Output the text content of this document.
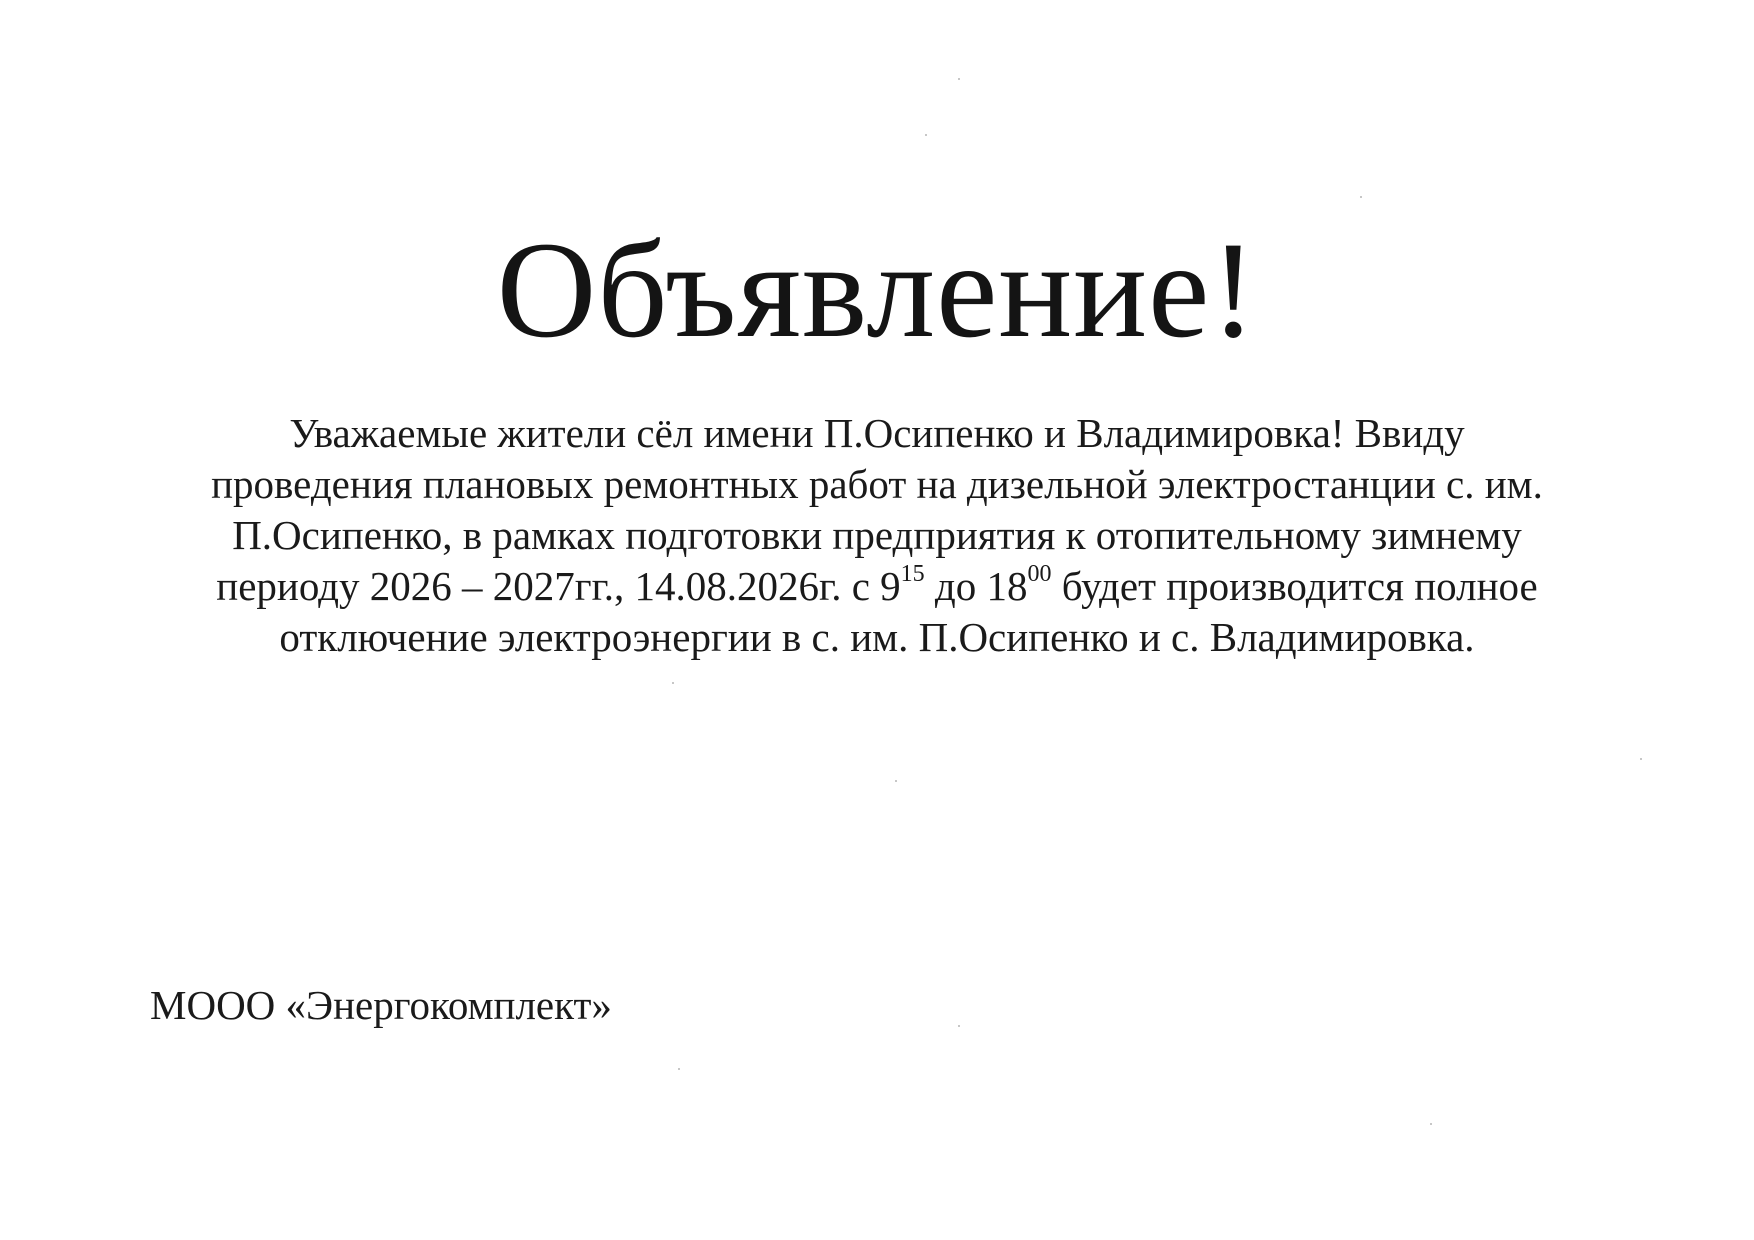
Объявление!

Уважаемые жители сёл имени П.Осипенко и Владимировка! Ввиду
проведения плановых ремонтных работ на дизельной электростанции с. им.
П.Осипенко, в рамках подготовки предприятия к отопительному зимнему
периоду 2026 – 2027гг., 14.08.2026г. с $9^{15}$ до $18^{00}$ будет производится полное
отключение электроэнергии в с. им. П.Осипенко и с. Владимировка.

МООО «Энергокомплект»
